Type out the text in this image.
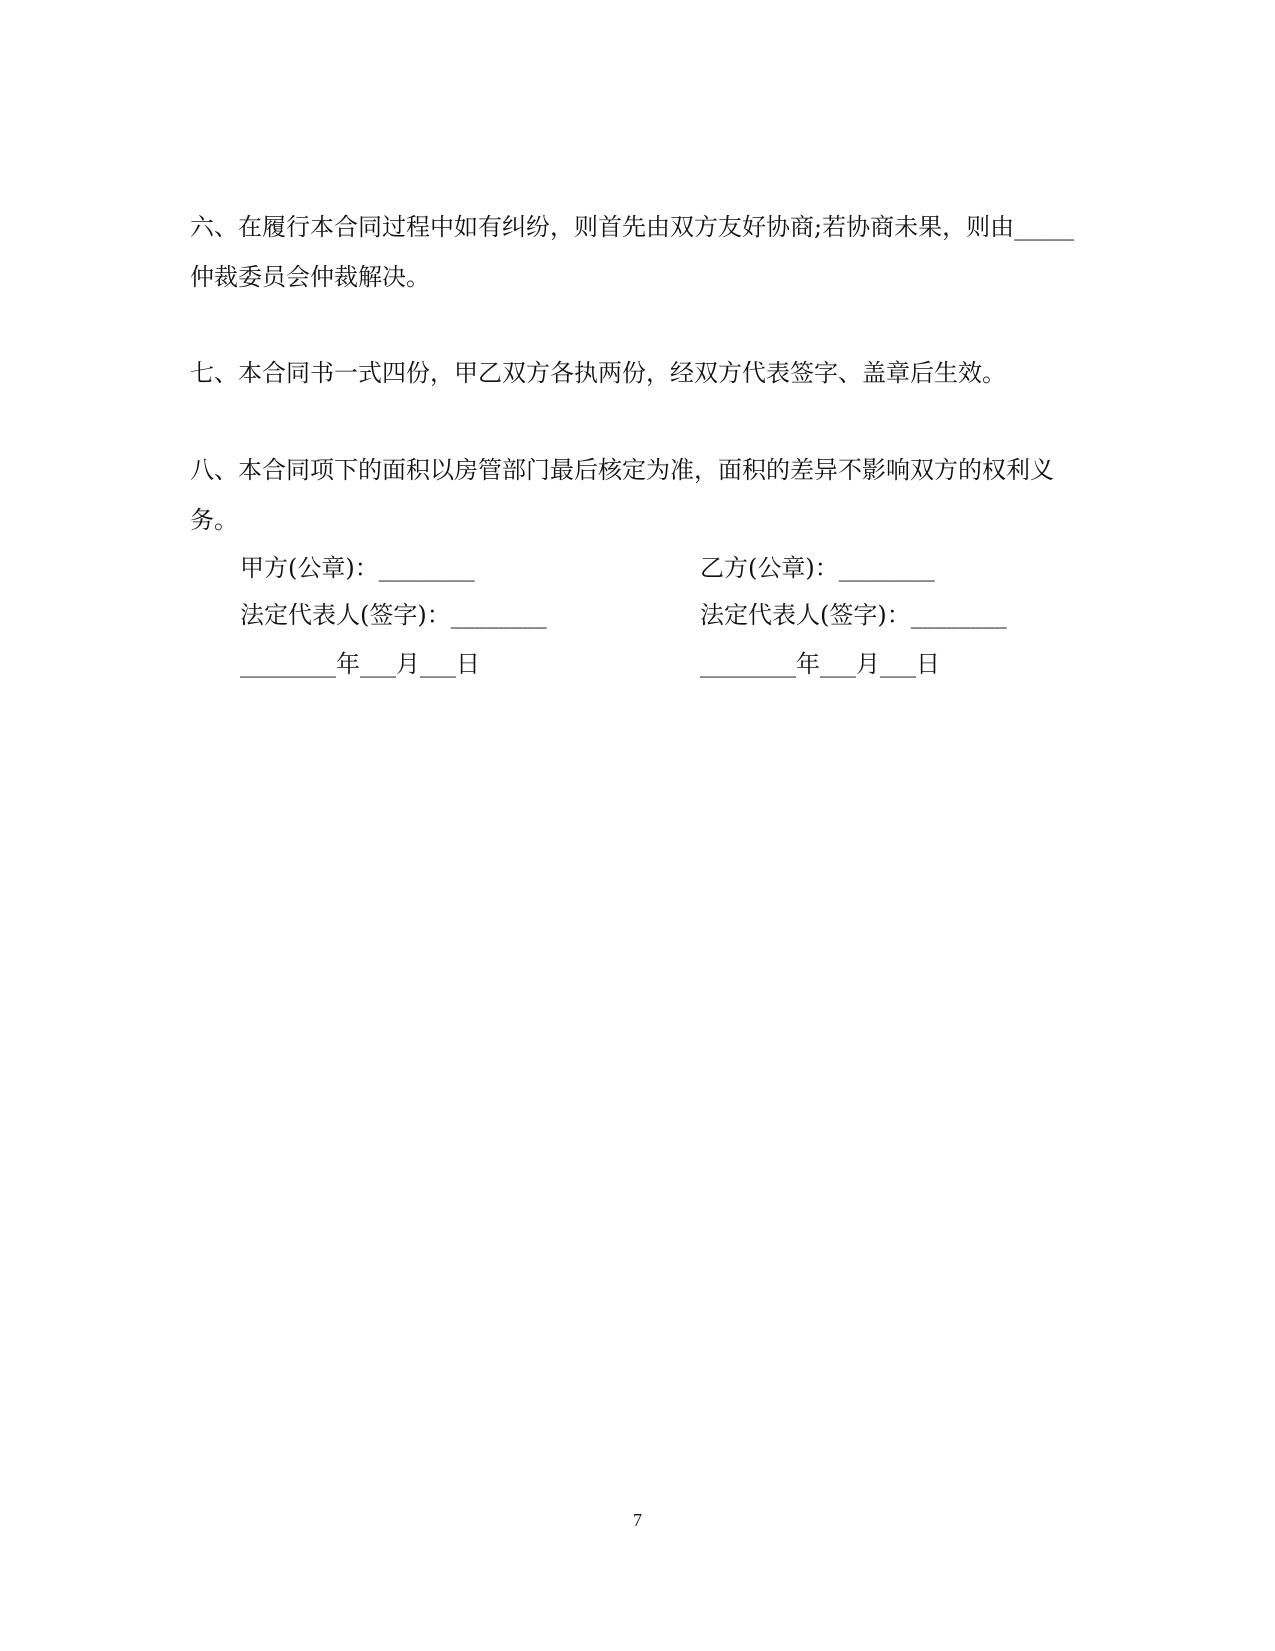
六、在履行本合同过程中如有纠纷，则首先由双方友好协商;若协商未果，则由_____仲裁委员会仲裁解决。
七、本合同书一式四份，甲乙双方各执两份，经双方代表签字、盖章后生效。
八、本合同项下的面积以房管部门最后核定为准，面积的差异不影响双方的权利义务。
甲方(公章)：________	乙方(公章)：________
法定代表人(签字)：________	法定代表人(签字)：________
________年___月___日	________年___月___日
7
